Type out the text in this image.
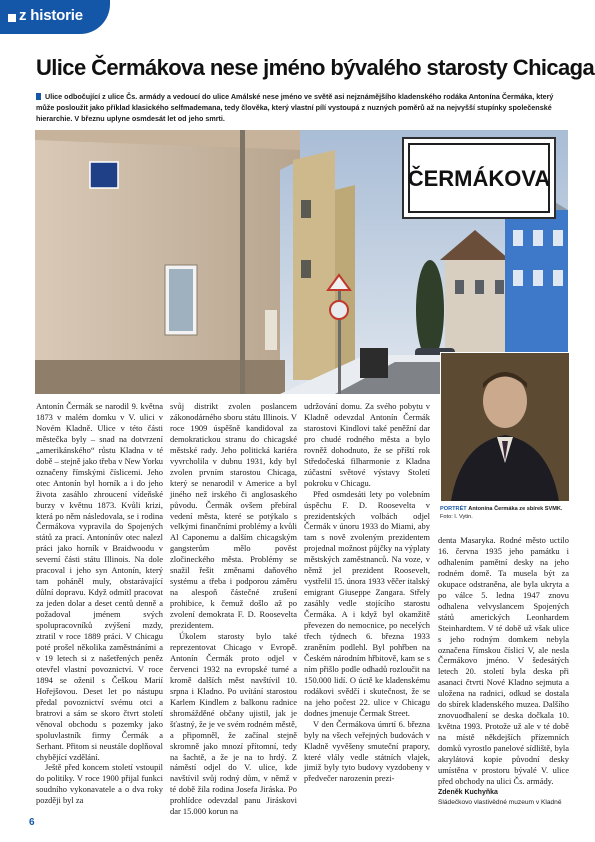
z historie
Ulice Čermákova nese jméno bývalého starosty Chicaga
Ulice odbočující z ulice Čs. armády a vedoucí do ulice Amálské nese jméno ve světě asi nejznámějšího kladenského rodáka Antonína Čermáka, který může posloužit jako příklad klasického selfmademana, tedy člověka, který vlastní pílí vystoupá z nuzných poměrů až na nejvyšší stupínky společenské hierarchie. V březnu uplyne osmdesát let od jeho smrti.
ČERMÁKOVA
PORTRÉT Antonína Čermáka ze sbírek SVMK. Foto: I. Vytin.

Antonín Čermák se narodil 9. května 1873 v malém domku v V. ulici v Novém Kladně. Ulice v této části městečka byly – snad na dotvrzení „amerikánského“ růstu Kladna v té době – stejně jako třeba v New Yorku označeny římskými číslicemi. Jeho otec Antonín byl horník a i do jeho života zasáhlo zhroucení vídeňské burzy v květnu 1873. Kvůli krizi, která po něm následovala, se i rodina Čermákova vypravila do Spojených států za prací. Antonínův otec nalezl práci jako horník v Braidwoodu v severní části státu Illinois. Na dole pracoval i jeho syn Antonín, který tam poháněl muly, obstarávající důlní dopravu. Když odmítl pracovat za jeden dolar a deset centů denně a požadoval jménem svých spolupracovníků zvýšení mzdy, ztratil v roce 1889 práci. V Chicagu poté prošel několika zaměstnáními a v 19 letech si z našetřených peněz otevřel vlastní povoznictví. V roce 1894 se oženil s Češkou Marií Hořejšovou. Deset let po nástupu předal povoznictví svému otci a bratrovi a sám se skoro čtvrt století věnoval obchodu s pozemky jako spoluvlastník firmy Čermák a Serhant. Přitom si neustále doplňoval chybějící vzdělání.

Ještě před koncem století vstoupil do politiky. V roce 1900 přijal funkci soudního vykonavatele a o dva roky později byl za

svůj distrikt zvolen poslancem zákonodárného sboru státu Illinois. V roce 1909 úspěšně kandidoval za demokratickou stranu do chicagské městské rady. Jeho politická kariéra vyvrcholila v dubnu 1931, kdy byl zvolen prvním starostou Chicaga, který se nenarodil v Americe a byl jiného než irského či anglosaského původu. Čermák ovšem přebíral vedení města, které se potýkalo s velkými finančními problémy a kvůli Al Caponemu a dalším chicagským gangsterům mělo pověst zločineckého města. Problémy se snažil řešit změnami daňového systému a třeba i podporou záměru na alespoň částečné zrušení prohibice, k čemuž došlo až po zvolení demokrata F. D. Roosevelta prezidentem.

Úkolem starosty bylo také reprezentovat Chicago v Evropě. Antonín Čermák proto odjel v červenci 1932 na evropské turné a kromě dalších měst navštívil 10. srpna i Kladno. Po uvítání starostou Karlem Kindlem z balkonu radnice shromážděné občany ujistil, jak je šťastný, že je ve svém rodném městě, a připomněl, že začínal stejně skromně jako mnozí přítomní, tedy na šachtě, a že je na to hrdý. Z náměstí odjel do V. ulice, kde navštívil svůj rodný dům, v němž v té době žila rodina Josefa Jiráska. Po prohlídce odevzdal panu Jiráskovi dar 15.000 korun na

udržování domu. Za svého pobytu v Kladně odevzdal Antonín Čermák starostovi Kindlovi také peněžní dar pro chudé rodného města a bylo rovněž dohodnuto, že se příští rok Středočeská filharmonie z Kladna zúčastní světové výstavy Století pokroku v Chicagu.

Před osmdesáti lety po volebním úspěchu F. D. Roosevelta v prezidentských volbách odjel Čermák v únoru 1933 do Miami, aby tam s nově zvoleným prezidentem projednal možnost půjčky na výplaty městských zaměstnanců. Na voze, v němž jel prezident Roosevelt, vystřelil 15. února 1933 věčer italský emigrant Giuseppe Zangara. Střely zasáhly vedle stojícího starostu Čermáka. A i když byl okamžitě převezen do nemocnice, po necelých třech týdnech 6. března 1933 zraněním podlehl. Byl pohřben na Českém národním hřbitově, kam se s ním přišlo podle odhadů rozloučit na 150.000 lidí. O úctě ke kladenskému rodákovi svědčí i skutečnost, že se na jeho počest 22. ulice v Chicagu dodnes jmenuje Čermak Street.

V den Čermákova úmrtí 6. března byly na všech veřejných budovách v Kladně vyvěšeny smuteční prapory, které vlály vedle státních vlajek, jimiž byly tyto budovy vyzdobeny v předvečer narozenin prezi-

denta Masaryka. Rodné město uctilo 16. června 1935 jeho památku i odhalením pamětní desky na jeho rodném domě. Ta musela být za okupace odstraněna, ale byla ukryta a po válce 5. ledna 1947 znovu odhalena velvyslancem Spojených států amerických Leonhardem Steinhardtem. V té době už však ulice s jeho rodným domkem nebyla označena římskou číslicí V, ale nesla Čermákovo jméno. V šedesátých letech 20. století byla deska při asanaci čtvrti Nové Kladno sejmuta a uložena na radnici, odkud se dostala do sbírek kladenského muzea. Dalšího znovuodhalení se deska dočkala 10. května 1993. Protože už ale v té době na místě někdejších přízemních domků vyrostlo panelové sídliště, byla akrylátová kopie původní desky umístěna v prostoru bývalé V. ulice před obchody na ulici Čs. armády.

Zdeněk Kuchyňka

Sládečkovo vlastivědné muzeum v Kladně

6
